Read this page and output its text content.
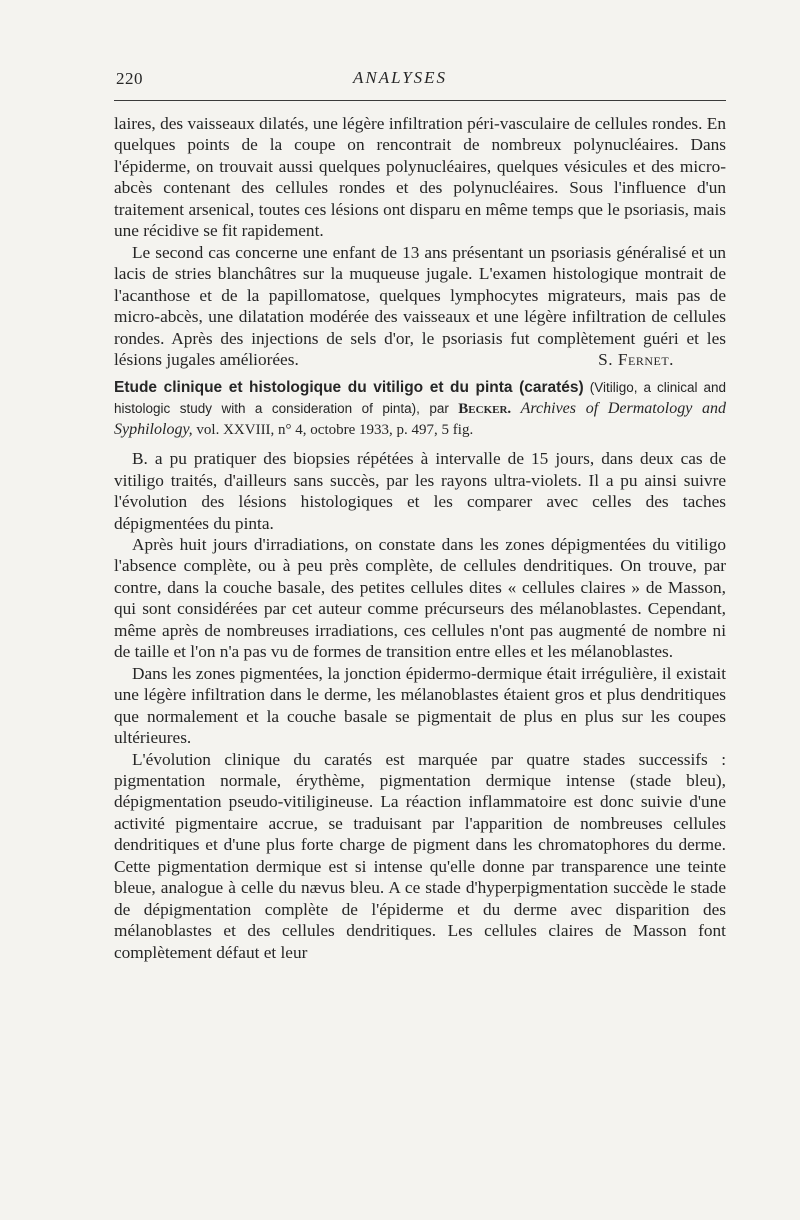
220	ANALYSES

laires, des vaisseaux dilatés, une légère infiltration péri-vasculaire de cellules rondes. En quelques points de la coupe on rencontrait de nombreux polynucléaires. Dans l'épiderme, on trouvait aussi quelques polynucléaires, quelques vésicules et des micro-abcès contenant des cellules rondes et des polynucléaires. Sous l'influence d'un traitement arsenical, toutes ces lésions ont disparu en même temps que le psoriasis, mais une récidive se fit rapidement.

Le second cas concerne une enfant de 13 ans présentant un psoriasis généralisé et un lacis de stries blanchâtres sur la muqueuse jugale. L'examen histologique montrait de l'acanthose et de la papillomatose, quelques lymphocytes migrateurs, mais pas de micro-abcès, une dilatation modérée des vaisseaux et une légère infiltration de cellules rondes. Après des injections de sels d'or, le psoriasis fut complètement guéri et les lésions jugales améliorées.	S. Fernet.

Etude clinique et histologique du vitiligo et du pinta (caratés) (Vitiligo, a clinical and histologic study with a consideration of pinta), par Becker. Archives of Dermatology and Syphilology, vol. XXVIII, n° 4, octobre 1933, p. 497, 5 fig.

B. a pu pratiquer des biopsies répétées à intervalle de 15 jours, dans deux cas de vitiligo traités, d'ailleurs sans succès, par les rayons ultra-violets. Il a pu ainsi suivre l'évolution des lésions histologiques et les comparer avec celles des taches dépigmentées du pinta.

Après huit jours d'irradiations, on constate dans les zones dépigmentées du vitiligo l'absence complète, ou à peu près complète, de cellules dendritiques. On trouve, par contre, dans la couche basale, des petites cellules dites « cellules claires » de Masson, qui sont considérées par cet auteur comme précurseurs des mélanoblastes. Cependant, même après de nombreuses irradiations, ces cellules n'ont pas augmenté de nombre ni de taille et l'on n'a pas vu de formes de transition entre elles et les mélanoblastes.

Dans les zones pigmentées, la jonction épidermo-dermique était irrégulière, il existait une légère infiltration dans le derme, les mélanoblastes étaient gros et plus dendritiques que normalement et la couche basale se pigmentait de plus en plus sur les coupes ultérieures.

L'évolution clinique du caratés est marquée par quatre stades successifs : pigmentation normale, érythème, pigmentation dermique intense (stade bleu), dépigmentation pseudo-vitiligineuse. La réaction inflammatoire est donc suivie d'une activité pigmentaire accrue, se traduisant par l'apparition de nombreuses cellules dendritiques et d'une plus forte charge de pigment dans les chromatophores du derme. Cette pigmentation dermique est si intense qu'elle donne par transparence une teinte bleue, analogue à celle du nævus bleu. A ce stade d'hyperpigmentation succède le stade de dépigmentation complète de l'épiderme et du derme avec disparition des mélanoblastes et des cellules dendritiques. Les cellules claires de Masson font complètement défaut et leur
